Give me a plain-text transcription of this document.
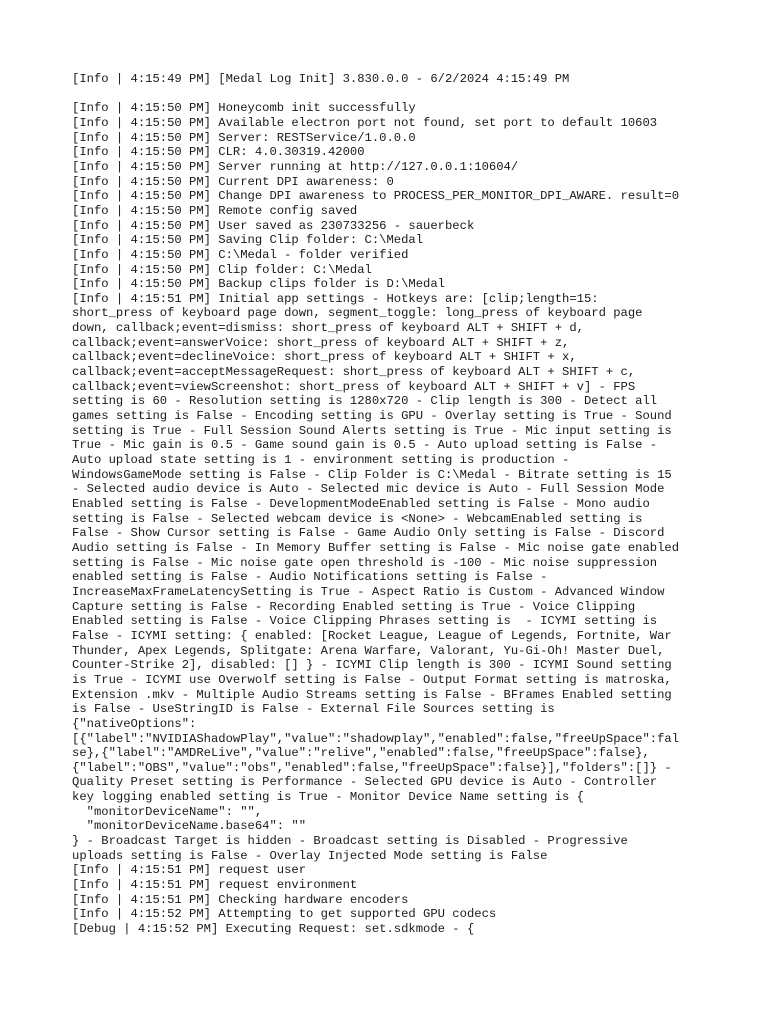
[Info | 4:15:49 PM] [Medal Log Init] 3.830.0.0 - 6/2/2024 4:15:49 PM
[Info | 4:15:50 PM] Honeycomb init successfully
[Info | 4:15:50 PM] Available electron port not found, set port to default 10603
[Info | 4:15:50 PM] Server: RESTService/1.0.0.0
[Info | 4:15:50 PM] CLR: 4.0.30319.42000
[Info | 4:15:50 PM] Server running at http://127.0.0.1:10604/
[Info | 4:15:50 PM] Current DPI awareness: 0
[Info | 4:15:50 PM] Change DPI awareness to PROCESS_PER_MONITOR_DPI_AWARE. result=0
[Info | 4:15:50 PM] Remote config saved
[Info | 4:15:50 PM] User saved as 230733256 - sauerbeck
[Info | 4:15:50 PM] Saving Clip folder: C:\Medal
[Info | 4:15:50 PM] C:\Medal - folder verified
[Info | 4:15:50 PM] Clip folder: C:\Medal
[Info | 4:15:50 PM] Backup clips folder is D:\Medal
[Info | 4:15:51 PM] Initial app settings - Hotkeys are: [clip;length=15:
short_press of keyboard page down, segment_toggle: long_press of keyboard page
down, callback;event=dismiss: short_press of keyboard ALT + SHIFT + d,
callback;event=answerVoice: short_press of keyboard ALT + SHIFT + z,
callback;event=declineVoice: short_press of keyboard ALT + SHIFT + x,
callback;event=acceptMessageRequest: short_press of keyboard ALT + SHIFT + c,
callback;event=viewScreenshot: short_press of keyboard ALT + SHIFT + v] - FPS
setting is 60 - Resolution setting is 1280x720 - Clip length is 300 - Detect all
games setting is False - Encoding setting is GPU - Overlay setting is True - Sound
setting is True - Full Session Sound Alerts setting is True - Mic input setting is
True - Mic gain is 0.5 - Game sound gain is 0.5 - Auto upload setting is False -
Auto upload state setting is 1 - environment setting is production -
WindowsGameMode setting is False - Clip Folder is C:\Medal - Bitrate setting is 15
- Selected audio device is Auto - Selected mic device is Auto - Full Session Mode
Enabled setting is False - DevelopmentModeEnabled setting is False - Mono audio
setting is False - Selected webcam device is <None> - WebcamEnabled setting is
False - Show Cursor setting is False - Game Audio Only setting is False - Discord
Audio setting is False - In Memory Buffer setting is False - Mic noise gate enabled
setting is False - Mic noise gate open threshold is -100 - Mic noise suppression
enabled setting is False - Audio Notifications setting is False -
IncreaseMaxFrameLatencySetting is True - Aspect Ratio is Custom - Advanced Window
Capture setting is False - Recording Enabled setting is True - Voice Clipping
Enabled setting is False - Voice Clipping Phrases setting is  - ICYMI setting is
False - ICYMI setting: { enabled: [Rocket League, League of Legends, Fortnite, War
Thunder, Apex Legends, Splitgate: Arena Warfare, Valorant, Yu-Gi-Oh! Master Duel,
Counter-Strike 2], disabled: [] } - ICYMI Clip length is 300 - ICYMI Sound setting
is True - ICYMI use Overwolf setting is False - Output Format setting is matroska,
Extension .mkv - Multiple Audio Streams setting is False - BFrames Enabled setting
is False - UseStringID is False - External File Sources setting is
{"nativeOptions":
[{"label":"NVIDIAShadowPlay","value":"shadowplay","enabled":false,"freeUpSpace":fal
se},{"label":"AMDReLive","value":"relive","enabled":false,"freeUpSpace":false},
{"label":"OBS","value":"obs","enabled":false,"freeUpSpace":false}],"folders":[]} -
Quality Preset setting is Performance - Selected GPU device is Auto - Controller
key logging enabled setting is True - Monitor Device Name setting is {
"monitorDeviceName": "",
"monitorDeviceName.base64": ""
} - Broadcast Target is hidden - Broadcast setting is Disabled - Progressive
uploads setting is False - Overlay Injected Mode setting is False
[Info | 4:15:51 PM] request user
[Info | 4:15:51 PM] request environment
[Info | 4:15:51 PM] Checking hardware encoders
[Info | 4:15:52 PM] Attempting to get supported GPU codecs
[Debug | 4:15:52 PM] Executing Request: set.sdkmode - {
